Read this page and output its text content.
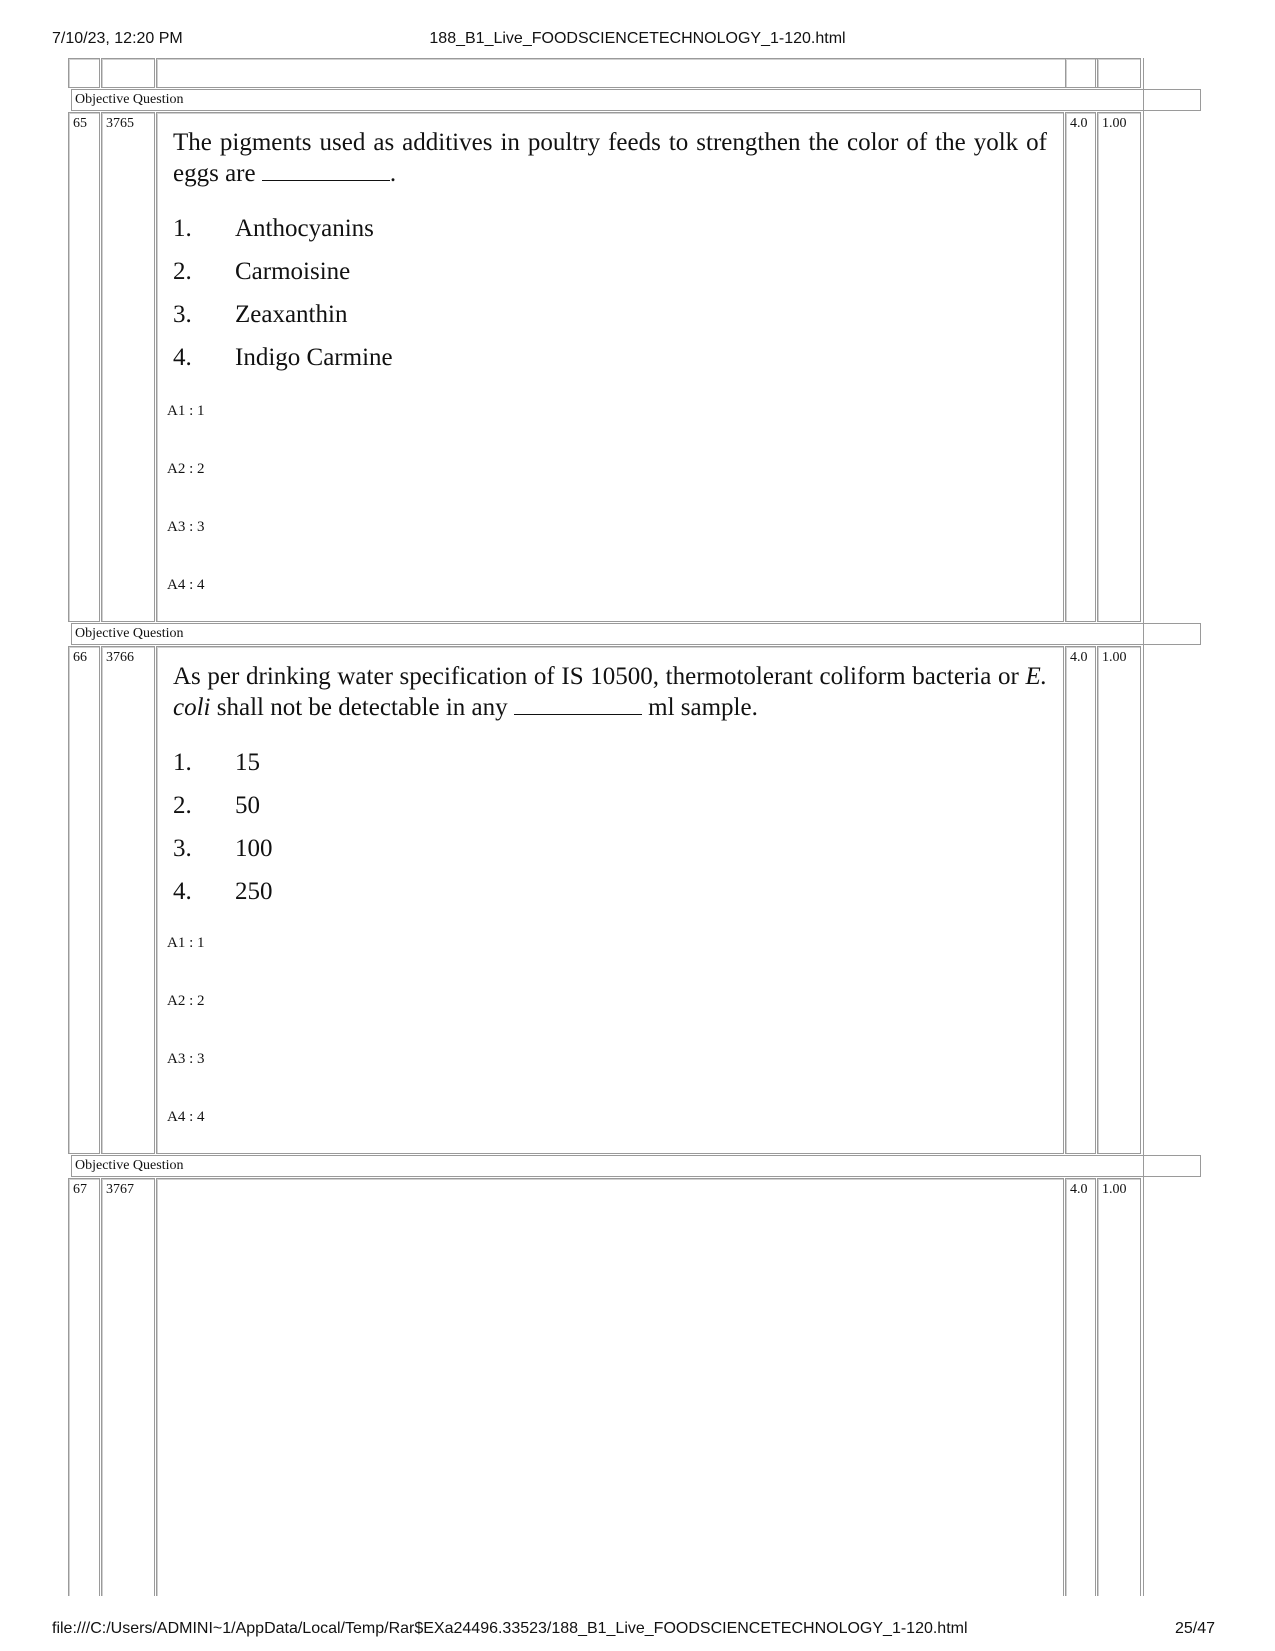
7/10/23, 12:20 PM	188_B1_Live_FOODSCIENCETECHNOLOGY_1-120.html
Objective Question
65	3765
The pigments used as additives in poultry feeds to strengthen the color of the yolk of eggs are	.
1. Anthocyanins
2. Carmoisine
3. Zeaxanthin
4. Indigo Carmine
A1 : 1
A2 : 2
A3 : 3
A4 : 4
4.0	1.00
Objective Question
66	3766
As per drinking water specification of IS 10500, thermotolerant coliform bacteria or E. coli shall not be detectable in any	ml sample.
1. 15
2. 50
3. 100
4. 250
A1 : 1
A2 : 2
A3 : 3
A4 : 4
4.0	1.00
Objective Question
67	3767	4.0	1.00
file:///C:/Users/ADMINI~1/AppData/Local/Temp/Rar$EXa24496.33523/188_B1_Live_FOODSCIENCETECHNOLOGY_1-120.html	25/47
